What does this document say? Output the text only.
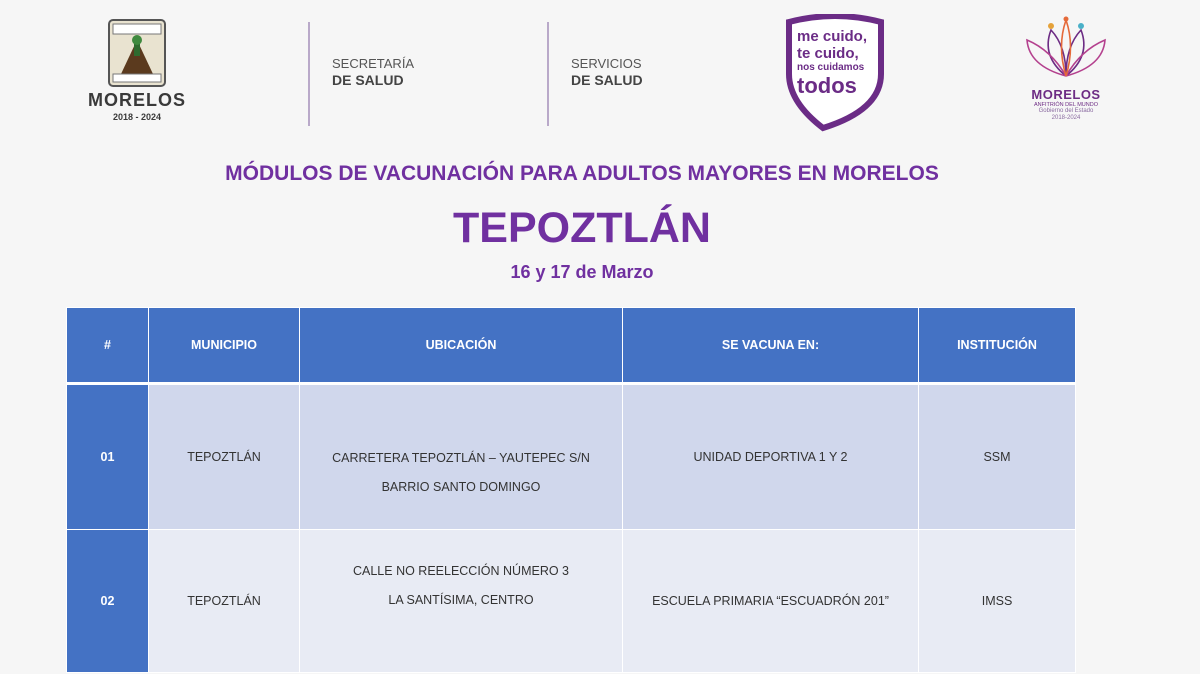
MORELOS
2018 - 2024
SECRETARÍA
DE SALUD
SERVICIOS
DE SALUD
me cuido,
te cuido,
nos cuidamos
todos	MORELOS
ANFITRIÓN DEL MUNDO
Gobierno del Estado
2018-2024
MÓDULOS DE VACUNACIÓN PARA ADULTOS MAYORES EN MORELOS
TEPOZTLÁN
16 y 17 de Marzo
#	MUNICIPIO	UBICACIÓN	SE VACUNA EN:	INSTITUCIÓN
01	TEPOZTLÁN	CARRETERA TEPOZTLÁN – YAUTEPEC S/N
BARRIO SANTO DOMINGO	UNIDAD DEPORTIVA 1 Y 2	SSM
02	TEPOZTLÁN	CALLE NO REELECCIÓN NÚMERO 3
LA SANTÍSIMA, CENTRO	ESCUELA PRIMARIA “ESCUADRÓN 201”	IMSS
